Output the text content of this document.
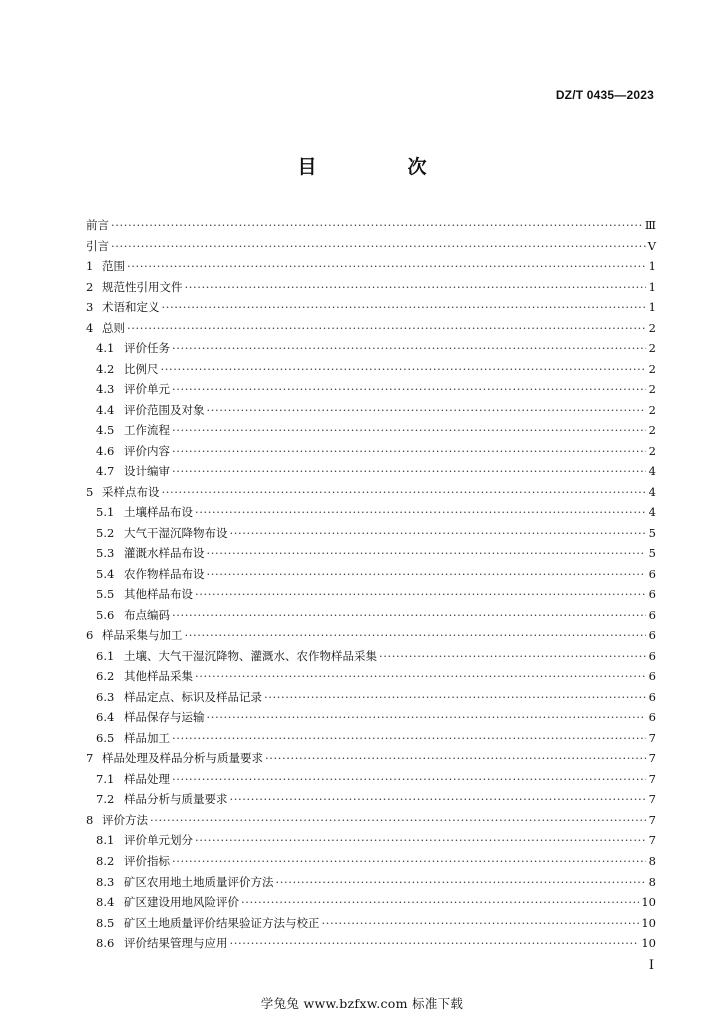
DZ/T 0435—2023
目　次
前言 ·····	Ⅲ
引言 ·····	Ⅴ
1 范围 ·····	1
2 规范性引用文件 ·····	1
3 术语和定义 ·····	1
4 总则 ·····	2
4.1 评价任务 ·····	2
4.2 比例尺 ·····	2
4.3 评价单元 ·····	2
4.4 评价范围及对象 ·····	2
4.5 工作流程 ·····	2
4.6 评价内容 ·····	2
4.7 设计编审 ·····	4
5 采样点布设 ·····	4
5.1 土壤样品布设 ·····	4
5.2 大气干湿沉降物布设 ·····	5
5.3 灌溉水样品布设 ·····	5
5.4 农作物样品布设 ·····	6
5.5 其他样品布设 ·····	6
5.6 布点编码 ·····	6
6 样品采集与加工 ·····	6
6.1 土壤、大气干湿沉降物、灌溉水、农作物样品采集 ·····	6
6.2 其他样品采集 ·····	6
6.3 样品定点、标识及样品记录 ·····	6
6.4 样品保存与运输 ·····	6
6.5 样品加工 ·····	7
7 样品处理及样品分析与质量要求 ·····	7
7.1 样品处理 ·····	7
7.2 样品分析与质量要求 ·····	7
8 评价方法 ·····	7
8.1 评价单元划分 ·····	7
8.2 评价指标 ·····	8
8.3 矿区农用地土地质量评价方法 ·····	8
8.4 矿区建设用地风险评价 ·····	10
8.5 矿区土地质量评价结果验证方法与校正 ·····	10
8.6 评价结果管理与应用 ·····	10
Ⅰ
学兔兔 www.bzfxw.com 标准下载
